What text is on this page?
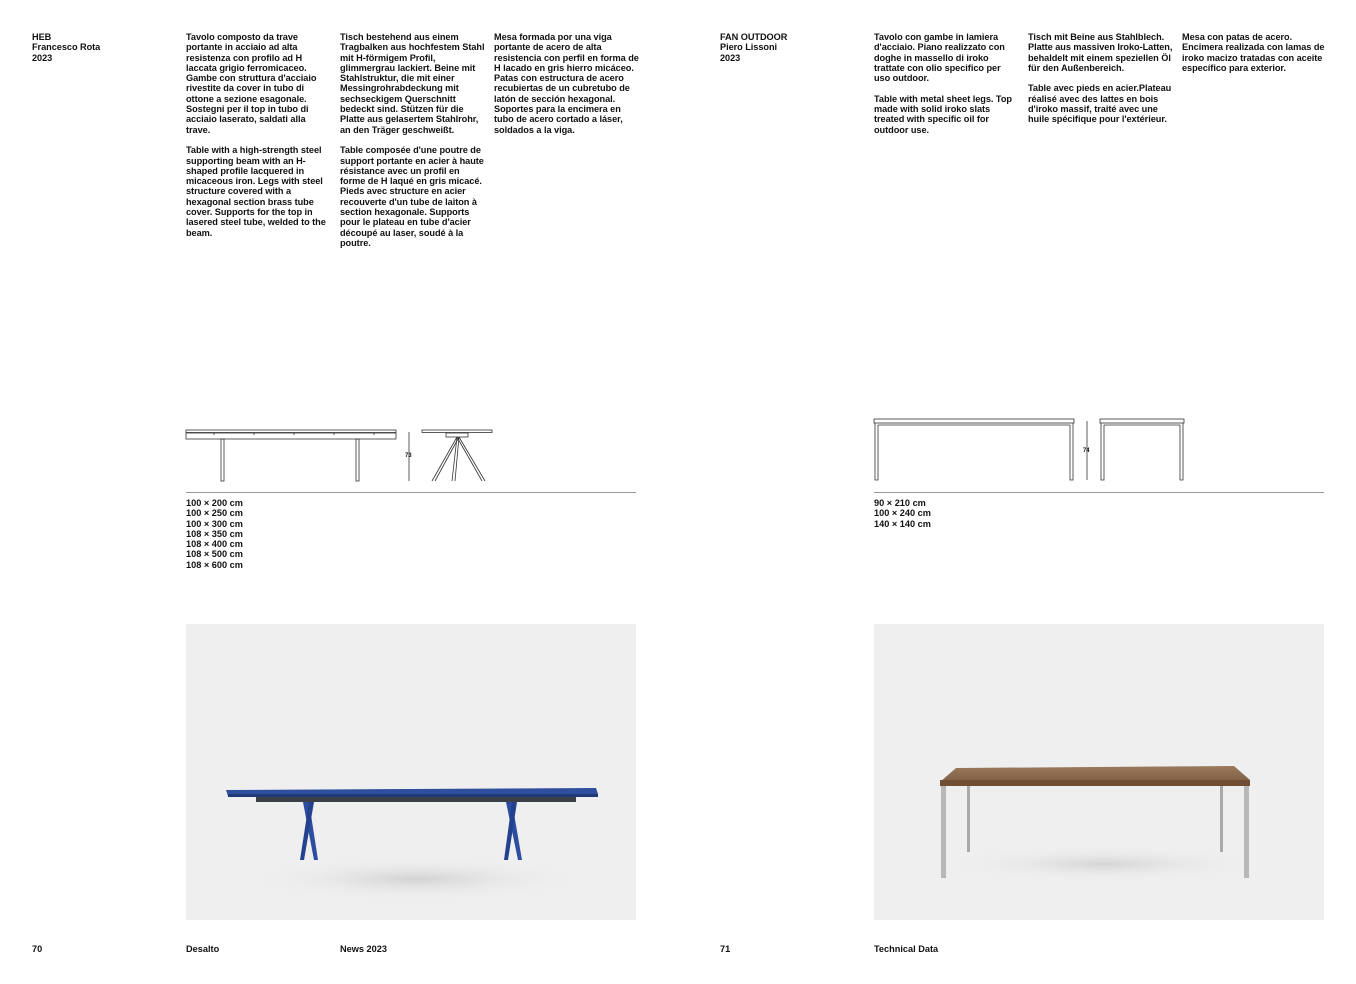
HEB
Francesco Rota
2023

Tavolo composto da trave portante in acciaio ad alta resistenza con profilo ad H laccata grigio ferromicaceo. Gambe con struttura d'acciaio rivestite da cover in tubo di ottone a sezione esagonale. Sostegni per il top in tubo di acciaio laserato, saldati alla trave.

Table with a high-strength steel supporting beam with an H-shaped profile lacquered in micaceous iron. Legs with steel structure covered with a hexagonal section brass tube cover. Supports for the top in lasered steel tube, welded to the beam.

Tisch bestehend aus einem Tragbalken aus hochfestem Stahl mit H-förmigem Profil, glimmergrau lackiert. Beine mit Stahlstruktur, die mit einer Messingrohrabdeckung mit sechseckigem Querschnitt bedeckt sind. Stützen für die Platte aus gelasertem Stahlrohr, an den Träger geschweißt.

Table composée d'une poutre de support portante en acier à haute résistance avec un profil en forme de H laqué en gris micacé. Pieds avec structure en acier recouverte d'un tube de laiton à section hexagonale. Supports pour le plateau en tube d'acier découpé au laser, soudé à la poutre.

Mesa formada por una viga portante de acero de alta resistencia con perfil en forma de H lacado en gris hierro micáceo. Patas con estructura de acero recubiertas de un cubretubo de latón de sección hexagonal. Soportes para la encimera en tubo de acero cortado a láser, soldados a la viga.

73
100 × 200 cm
100 × 250 cm
100 × 300 cm
108 × 350 cm
108 × 400 cm
108 × 500 cm
108 × 600 cm
70	Desalto	News 2023
FAN OUTDOOR
Piero Lissoni
2023

Tavolo con gambe in lamiera d'acciaio. Piano realizzato con doghe in massello di iroko trattate con olio specifico per uso outdoor.

Table with metal sheet legs. Top made with solid iroko slats treated with specific oil for outdoor use.

Tisch mit Beine aus Stahlblech. Platte aus massiven Iroko-Latten, behaldelt mit einem speziellen Öl für den Außenbereich.

Table avec pieds en acier.Plateau réalisé avec des lattes en bois d'iroko massif, traité avec une huile spécifique pour l'extérieur.

Mesa con patas de acero. Encimera realizada con lamas de iroko macizo tratadas con aceite específico para exterior.

74
90 × 210 cm
100 × 240 cm
140 × 140 cm
71	Technical Data
